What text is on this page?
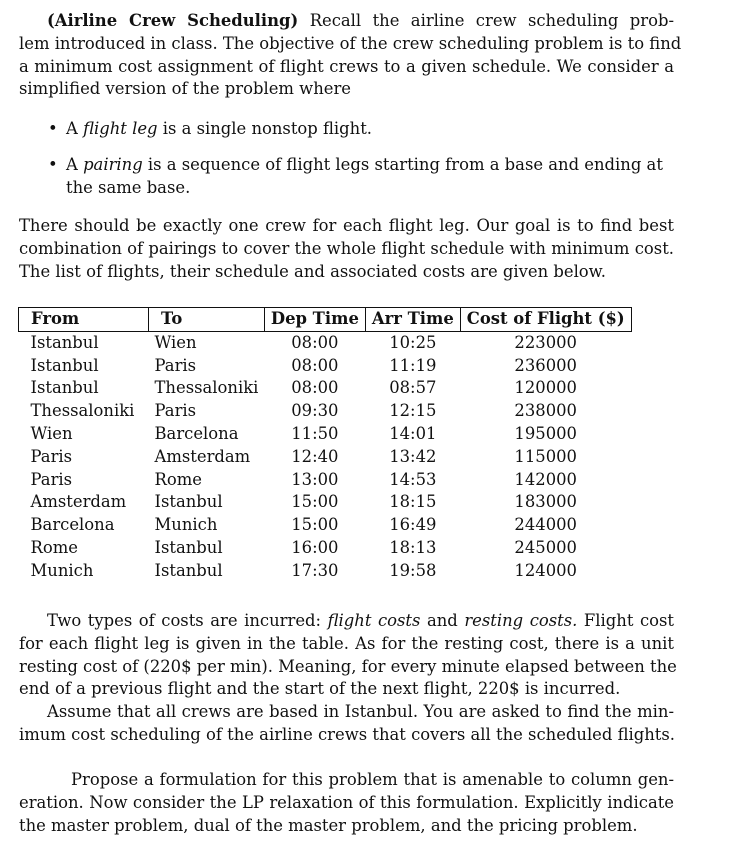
(Airline Crew Scheduling) Recall the airline crew scheduling prob-
lem introduced in class. The objective of the crew scheduling problem is to find
a minimum cost assignment of flight crews to a given schedule. We consider a
simplified version of the problem where

• A flight leg is a single nonstop flight.
• A pairing is a sequence of flight legs starting from a base and ending at
the same base.

There should be exactly one crew for each flight leg. Our goal is to find best
combination of pairings to cover the whole flight schedule with minimum cost.
The list of flights, their schedule and associated costs are given below.

From	To	Dep Time	Arr Time	Cost of Flight ($)
Istanbul	Wien	08:00	10:25	223000
Istanbul	Paris	08:00	11:19	236000
Istanbul	Thessaloniki	08:00	08:57	120000
Thessaloniki	Paris	09:30	12:15	238000
Wien	Barcelona	11:50	14:01	195000
Paris	Amsterdam	12:40	13:42	115000
Paris	Rome	13:00	14:53	142000
Amsterdam	Istanbul	15:00	18:15	183000
Barcelona	Munich	15:00	16:49	244000
Rome	Istanbul	16:00	18:13	245000
Munich	Istanbul	17:30	19:58	124000

Two types of costs are incurred: flight costs and resting costs. Flight cost
for each flight leg is given in the table. As for the resting cost, there is a unit
resting cost of (220$ per min). Meaning, for every minute elapsed between the
end of a previous flight and the start of the next flight, 220$ is incurred.

Assume that all crews are based in Istanbul. You are asked to find the min-
imum cost scheduling of the airline crews that covers all the scheduled flights.

Propose a formulation for this problem that is amenable to column gen-
eration. Now consider the LP relaxation of this formulation. Explicitly indicate
the master problem, dual of the master problem, and the pricing problem.
